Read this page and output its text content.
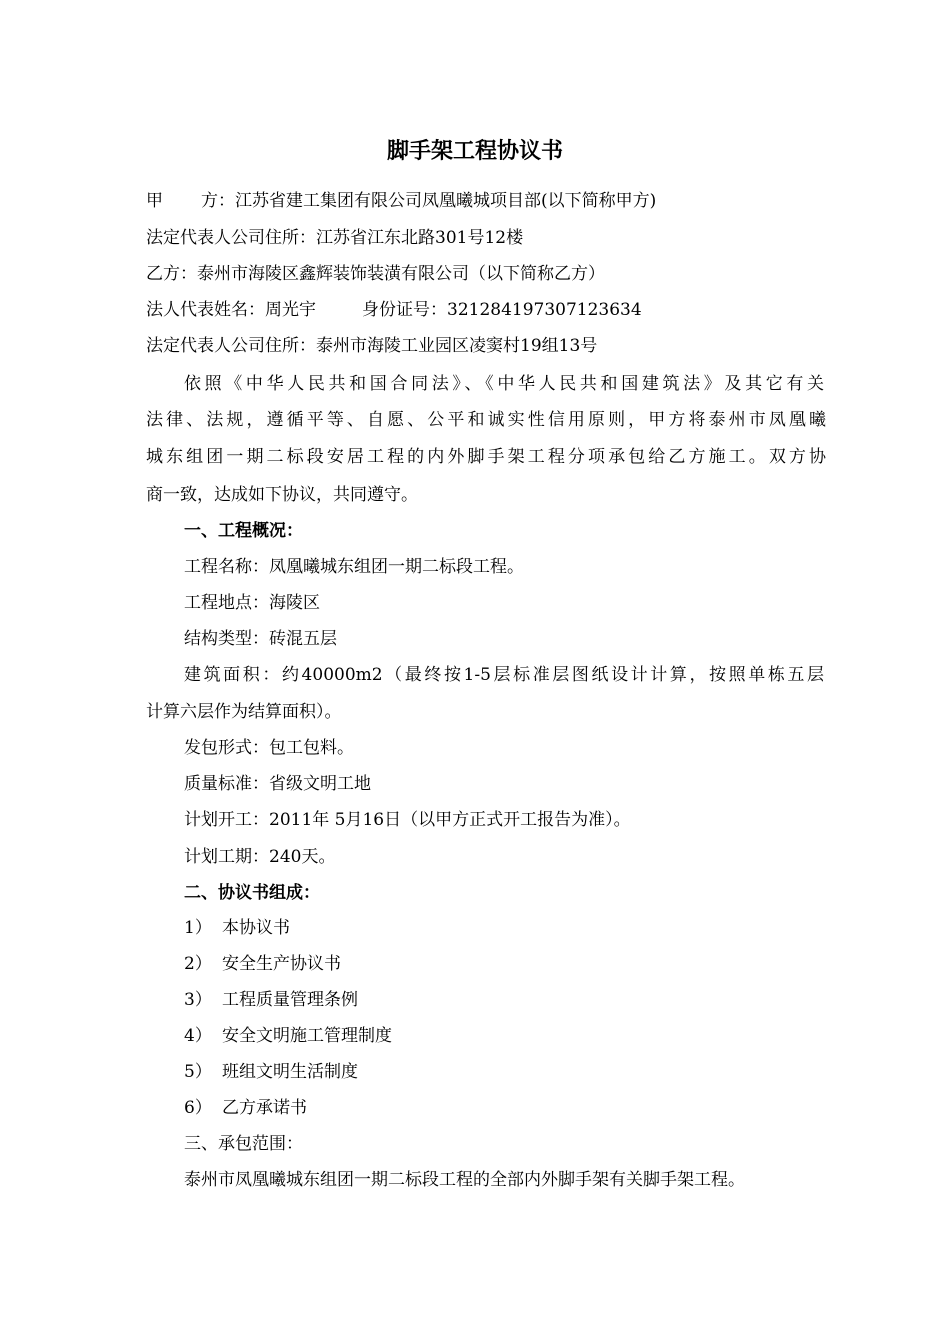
脚手架工程协议书

甲 方：江苏省建工集团有限公司凤凰曦城项目部(以下简称甲方)

法定代表人公司住所：江苏省江东北路301号12楼

乙方：泰州市海陵区鑫辉装饰装潢有限公司（以下简称乙方）

法人代表姓名：周光宇	身份证号：321284197307123634

法定代表人公司住所：泰州市海陵工业园区凌窦村19组13号

依照《中华人民共和国合同法》、《中华人民共和国建筑法》及其它有关

法律、法规，遵循平等、自愿、公平和诚实性信用原则，甲方将泰州市凤凰曦

城东组团一期二标段安居工程的内外脚手架工程分项承包给乙方施工。双方协

商一致，达成如下协议，共同遵守。

一、工程概况：

工程名称：凤凰曦城东组团一期二标段工程。

工程地点：海陵区

结构类型：砖混五层

建筑面积：约40000m2（最终按1-5层标准层图纸设计计算，按照单栋五层

计算六层作为结算面积）。

发包形式：包工包料。

质量标准：省级文明工地

计划开工：2011年 5月16日（以甲方正式开工报告为准）。

计划工期：240天。

二、协议书组成：

1） 本协议书

2） 安全生产协议书

3） 工程质量管理条例

4） 安全文明施工管理制度

5） 班组文明生活制度

6） 乙方承诺书

三、承包范围：

泰州市凤凰曦城东组团一期二标段工程的全部内外脚手架有关脚手架工程。
